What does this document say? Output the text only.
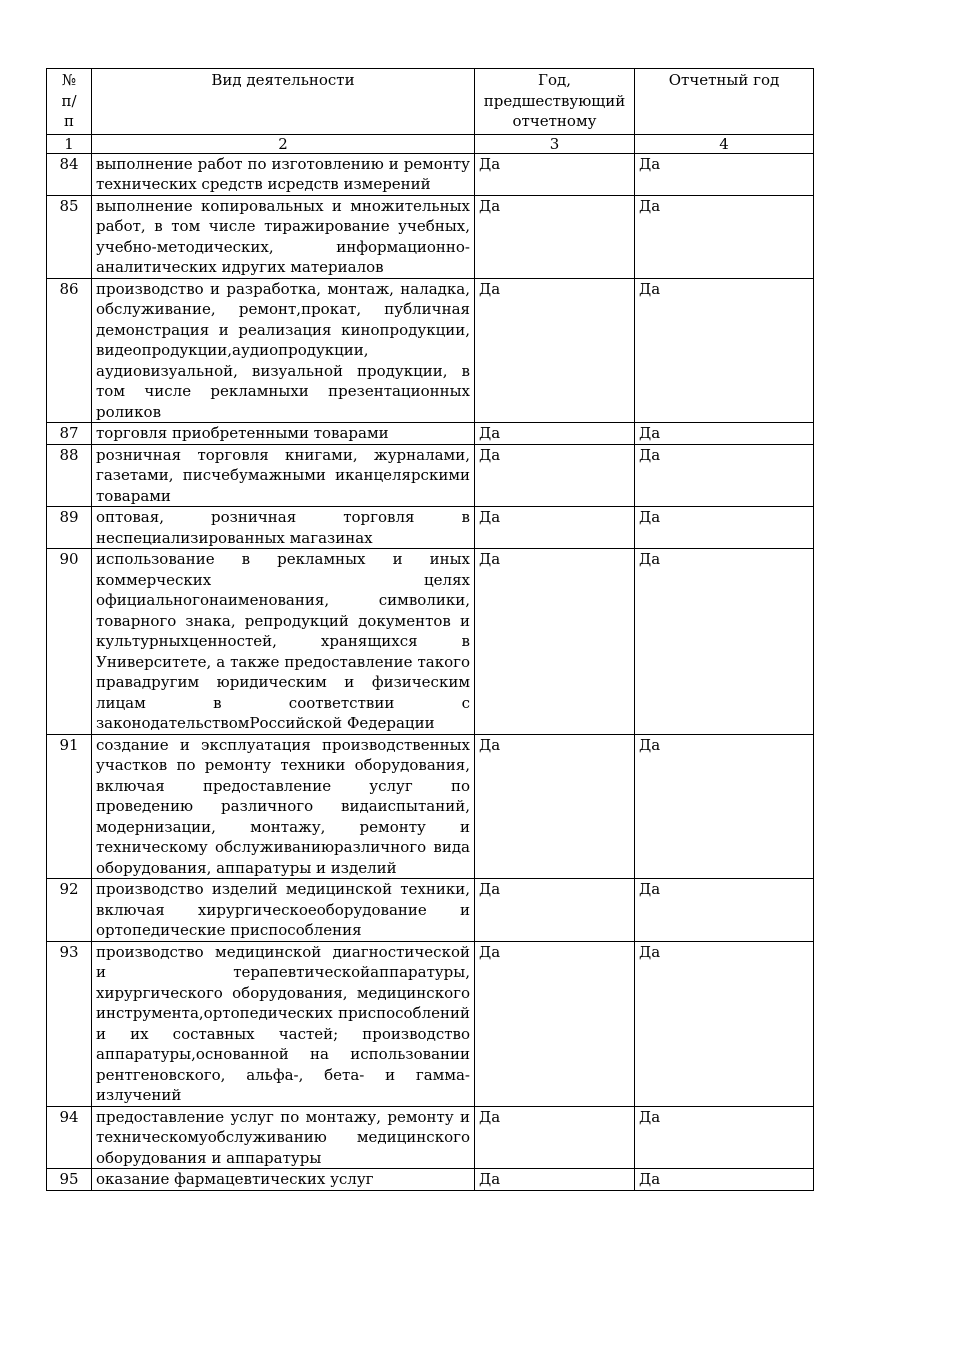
№ п/п	Вид деятельности	Год, предшествующий отчетному	Отчетный год
1	2	3	4
84	выполнение работ по изготовлению и ремонту технических средств исредств измерений	Да	Да
85	выполнение копировальных и множительных работ, в том числе тиражирование учебных, учебно-методических, информационно-аналитических идругих материалов	Да	Да
86	производство и разработка, монтаж, наладка, обслуживание, ремонт,прокат, публичная демонстрация и реализация кинопродукции, видеопродукции,аудиопродукции, аудиовизуальной, визуальной продукции, в том числе рекламныхи презентационных роликов	Да	Да
87	торговля приобретенными товарами	Да	Да
88	розничная торговля книгами, журналами, газетами, писчебумажными иканцелярскими товарами	Да	Да
89	оптовая, розничная торговля в неспециализированных магазинах	Да	Да
90	использование в рекламных и иных коммерческих целях официальногонаименования, символики, товарного знака, репродукций документов и культурныхценностей, хранящихся в Университете, а также предоставление такого правадругим юридическим и физическим лицам в соответствии с законодательствомРоссийской Федерации	Да	Да
91	создание и эксплуатация производственных участков по ремонту техники оборудования, включая предоставление услуг по проведению различного видаиспытаний, модернизации, монтажу, ремонту и техническому обслуживаниюразличного вида оборудования, аппаратуры и изделий	Да	Да
92	производство изделий медицинской техники, включая хирургическоеоборудование и ортопедические приспособления	Да	Да
93	производство медицинской диагностической и терапевтическойаппаратуры, хирургического оборудования, медицинского инструмента,ортопедических приспособлений и их составных частей; производство аппаратуры,основанной на использовании рентгеновского, альфа-, бета- и гамма- излучений	Да	Да
94	предоставление услуг по монтажу, ремонту и техническомуобслуживанию медицинского оборудования и аппаратуры	Да	Да
95	оказание фармацевтических услуг	Да	Да
